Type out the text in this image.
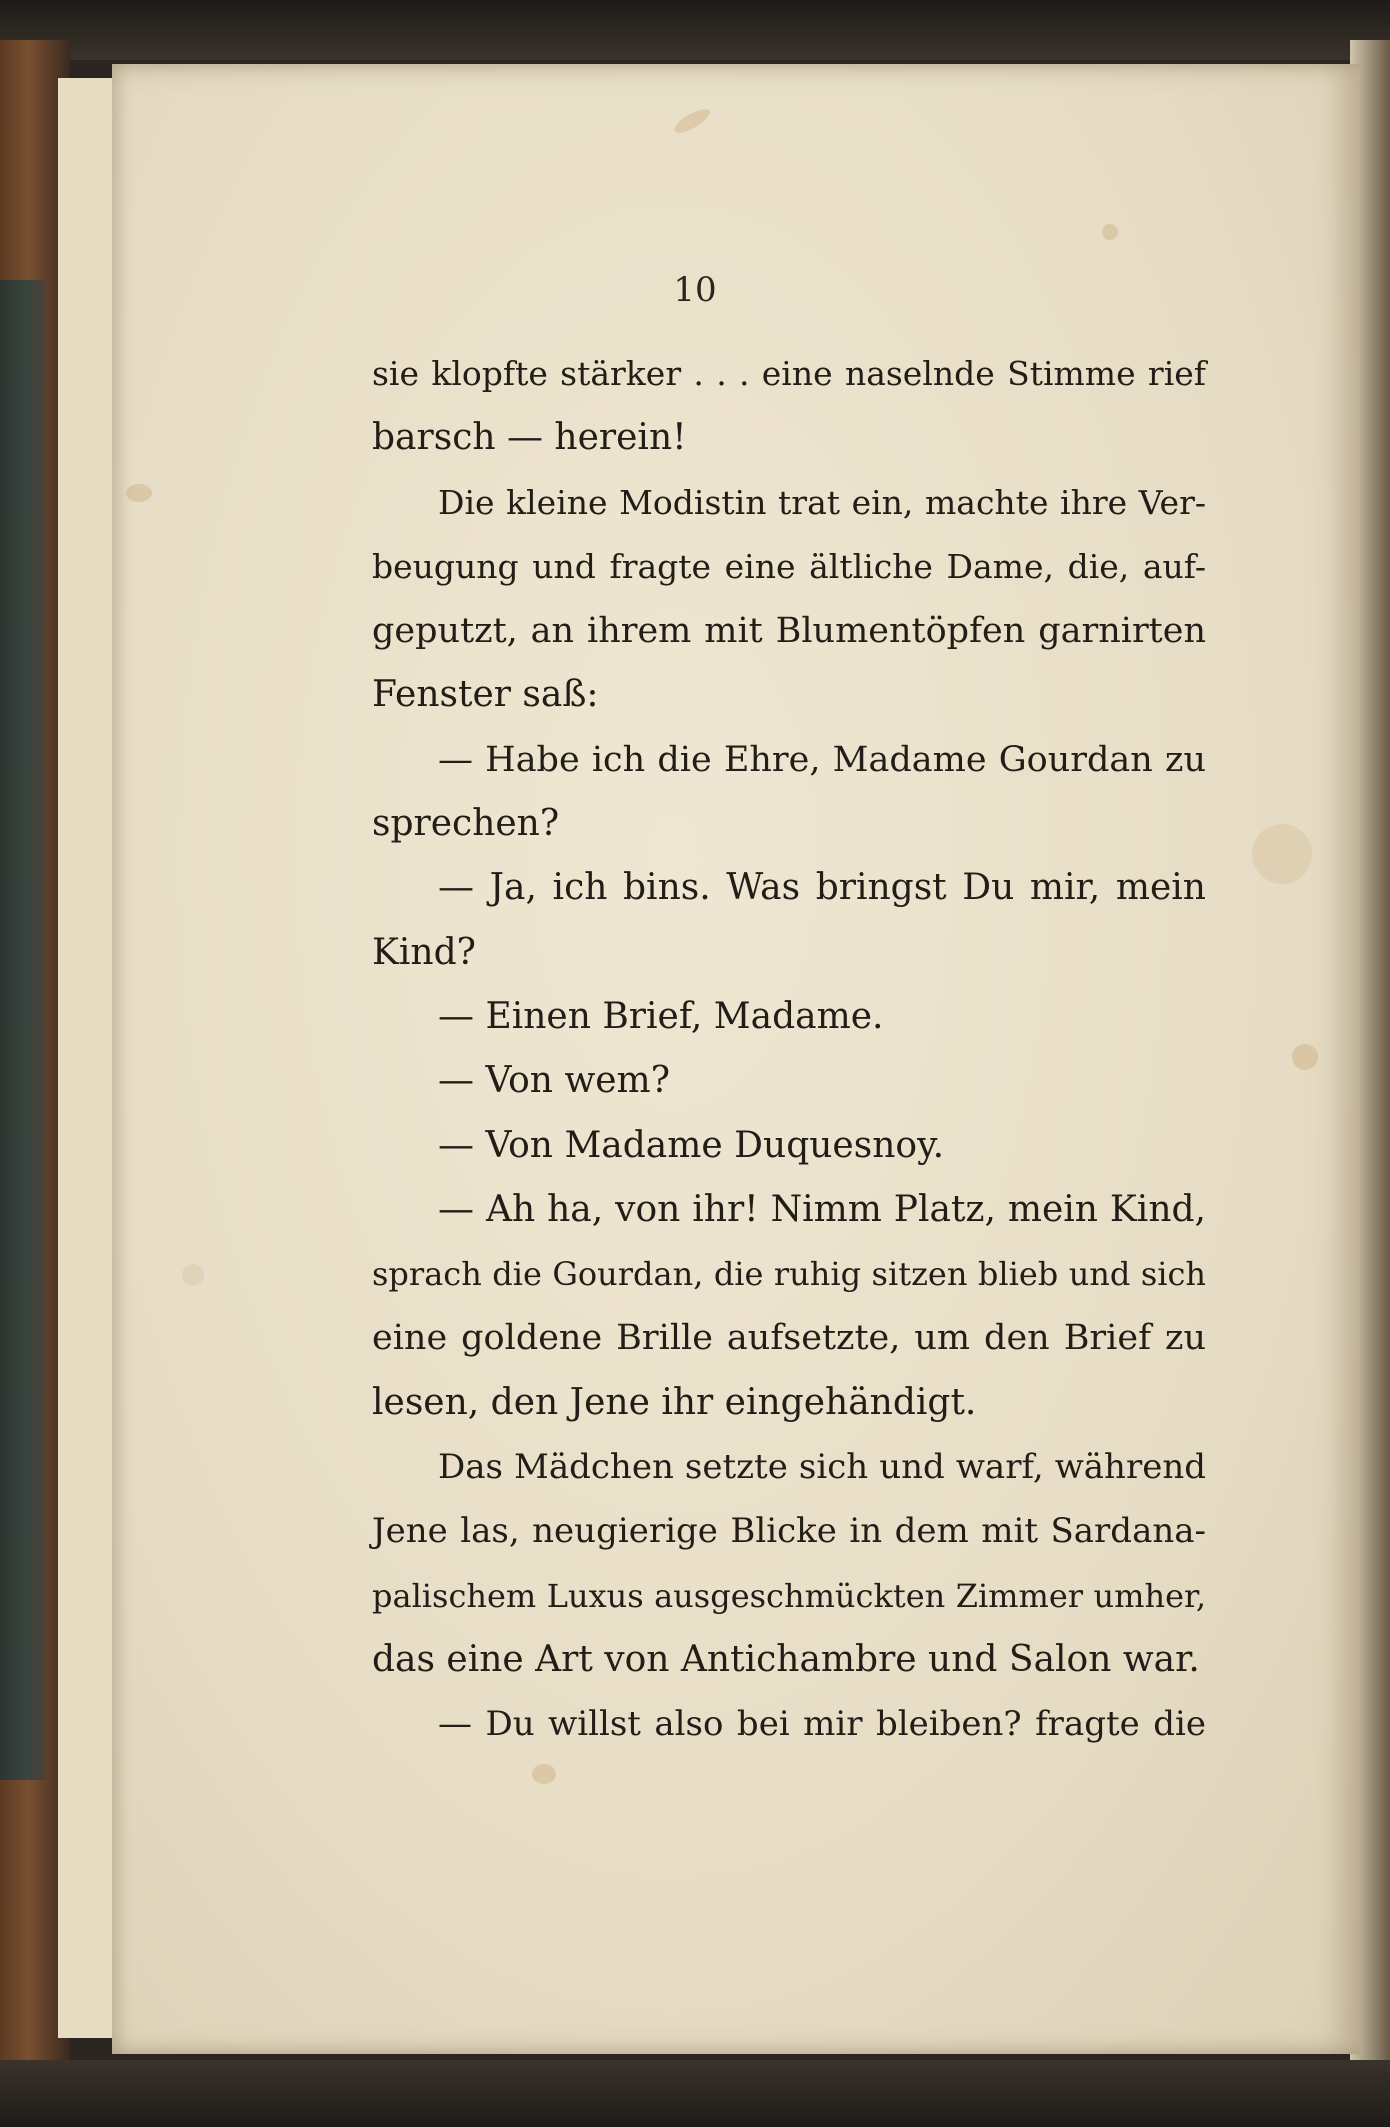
10
sie klopfte stärker . . . eine naselnde Stimme rief
barsch — herein!
Die kleine Modistin trat ein, machte ihre Ver-
beugung und fragte eine ältliche Dame, die, auf-
geputzt, an ihrem mit Blumentöpfen garnirten
Fenster saß:
— Habe ich die Ehre, Madame Gourdan zu
sprechen?
— Ja, ich bins. Was bringst Du mir, mein
Kind?
— Einen Brief, Madame.
— Von wem?
— Von Madame Duquesnoy.
— Ah ha, von ihr! Nimm Platz, mein Kind,
sprach die Gourdan, die ruhig sitzen blieb und sich
eine goldene Brille aufsetzte, um den Brief zu
lesen, den Jene ihr eingehändigt.
Das Mädchen setzte sich und warf, während
Jene las, neugierige Blicke in dem mit Sardana-
palischem Luxus ausgeschmückten Zimmer umher,
das eine Art von Antichambre und Salon war.
— Du willst also bei mir bleiben? fragte die
